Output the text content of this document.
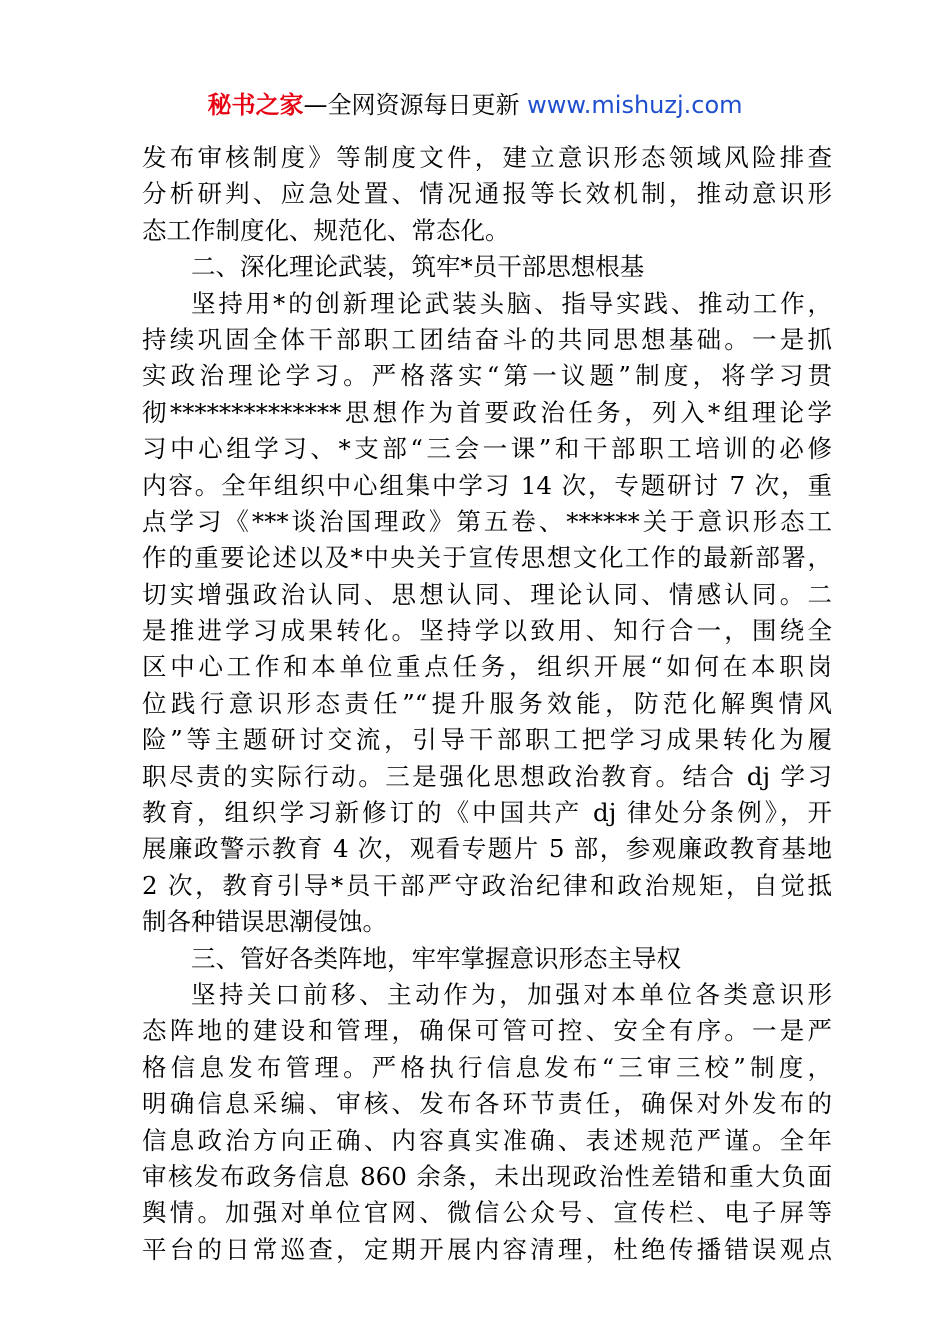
秘书之家—全网资源每日更新 www.mishuzj.com
发布审核制度》等制度文件，建立意识形态领域风险排查
分析研判、应急处置、情况通报等长效机制，推动意识形
态工作制度化、规范化、常态化。
二、深化理论武装，筑牢*员干部思想根基
坚持用*的创新理论武装头脑、指导实践、推动工作，
持续巩固全体干部职工团结奋斗的共同思想基础。一是抓
实政治理论学习。严格落实“第一议题”制度，将学习贯
彻**************思想作为首要政治任务，列入*组理论学
习中心组学习、*支部“三会一课”和干部职工培训的必修
内容。全年组织中心组集中学习 14 次，专题研讨 7 次，重
点学习《***谈治国理政》第五卷、******关于意识形态工
作的重要论述以及*中央关于宣传思想文化工作的最新部署，
切实增强政治认同、思想认同、理论认同、情感认同。二
是推进学习成果转化。坚持学以致用、知行合一，围绕全
区中心工作和本单位重点任务，组织开展“如何在本职岗
位践行意识形态责任”“提升服务效能，防范化解舆情风
险”等主题研讨交流，引导干部职工把学习成果转化为履
职尽责的实际行动。三是强化思想政治教育。结合 dj 学习
教育，组织学习新修订的《中国共产 dj 律处分条例》，开
展廉政警示教育 4 次，观看专题片 5 部，参观廉政教育基地
2 次，教育引导*员干部严守政治纪律和政治规矩，自觉抵
制各种错误思潮侵蚀。
三、管好各类阵地，牢牢掌握意识形态主导权
坚持关口前移、主动作为，加强对本单位各类意识形
态阵地的建设和管理，确保可管可控、安全有序。一是严
格信息发布管理。严格执行信息发布“三审三校”制度，
明确信息采编、审核、发布各环节责任，确保对外发布的
信息政治方向正确、内容真实准确、表述规范严谨。全年
审核发布政务信息 860 余条，未出现政治性差错和重大负面
舆情。加强对单位官网、微信公众号、宣传栏、电子屏等
平台的日常巡查，定期开展内容清理，杜绝传播错误观点
